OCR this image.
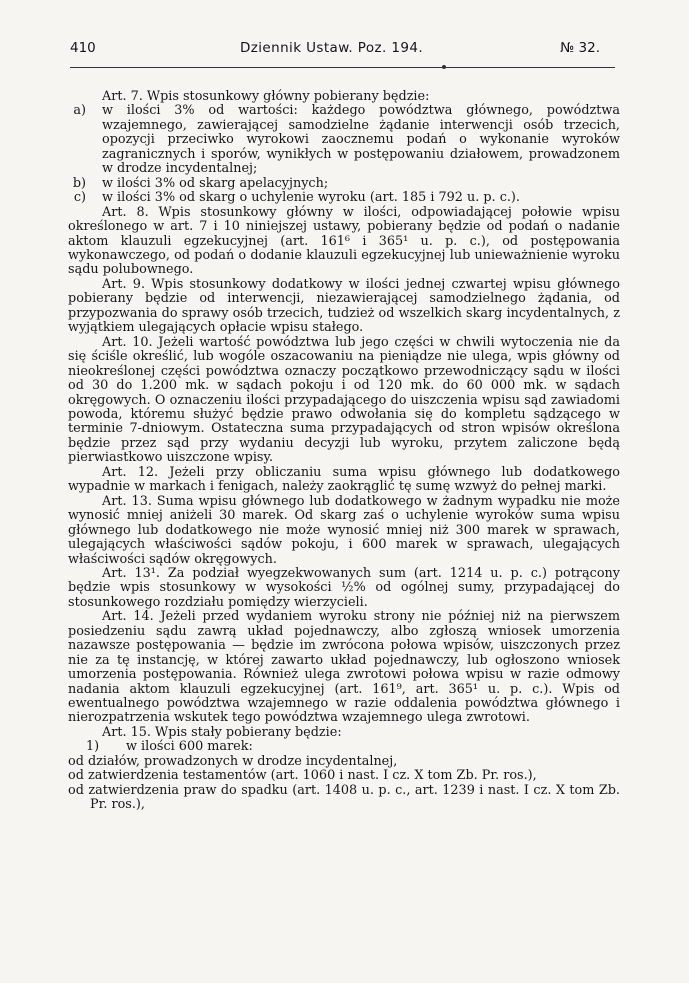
410	Dziennik Ustaw. Poz. 194.	№ 32.

Art. 7. Wpis stosunkowy główny pobierany będzie:

a)	w ilości 3% od wartości: każdego powództwa głównego, powództwa wzajemnego, zawierającej samodzielne żądanie interwencji osób trzecich, opozycji przeciwko wyrokowi zaocznemu podań o wykonanie wyroków zagranicznych i sporów, wynikłych w postępowaniu działowem, prowadzonem w drodze incydentalnej;
b)	w ilości 3% od skarg apelacyjnych;
c)	w ilości 3% od skarg o uchylenie wyroku (art. 185 i 792 u. p. c.).

Art. 8. Wpis stosunkowy główny w ilości, odpowiadającej połowie wpisu określonego w art. 7 i 10 niniejszej ustawy, pobierany będzie od podań o nadanie aktom klauzuli egzekucyjnej (art. 161⁶ i 365¹ u. p. c.), od postępowania wykonawczego, od podań o dodanie klauzuli egzekucyjnej lub unieważnienie wyroku sądu polubownego.

Art. 9. Wpis stosunkowy dodatkowy w ilości jednej czwartej wpisu głównego pobierany będzie od interwencji, niezawierającej samodzielnego żądania, od przypozwania do sprawy osób trzecich, tudzież od wszelkich skarg incydentalnych, z wyjątkiem ulegających opłacie wpisu stałego.

Art. 10. Jeżeli wartość powództwa lub jego części w chwili wytoczenia nie da się ściśle określić, lub wogóle oszacowaniu na pieniądze nie ulega, wpis główny od nieokreślonej części powództwa oznaczy początkowo przewodniczący sądu w ilości od 30 do 1.200 mk. w sądach pokoju i od 120 mk. do 60 000 mk. w sądach okręgowych. O oznaczeniu ilości przypadającego do uiszczenia wpisu sąd zawiadomi powoda, któremu służyć będzie prawo odwołania się do kompletu sądzącego w terminie 7-dniowym. Ostateczna suma przypadających od stron wpisów określona będzie przez sąd przy wydaniu decyzji lub wyroku, przytem zaliczone będą pierwiastkowo uiszczone wpisy.

Art. 12. Jeżeli przy obliczaniu suma wpisu głównego lub dodatkowego wypadnie w markach i fenigach, należy zaokrąglić tę sumę wzwyż do pełnej marki.

Art. 13. Suma wpisu głównego lub dodatkowego w żadnym wypadku nie może wynosić mniej aniżeli 30 marek. Od skarg zaś o uchylenie wyroków suma wpisu głównego lub dodatkowego nie może wynosić mniej niż 300 marek w sprawach, ulegających właściwości sądów pokoju, i 600 marek w sprawach, ulegających właściwości sądów okręgowych.

Art. 13¹. Za podział wyegzekwowanych sum (art. 1214 u. p. c.) potrącony będzie wpis stosunkowy w wysokości ½% od ogólnej sumy, przypadającej do stosunkowego rozdziału pomiędzy wierzycieli.

Art. 14. Jeżeli przed wydaniem wyroku strony nie później niż na pierwszem posiedzeniu sądu zawrą układ pojednawczy, albo zgłoszą wniosek umorzenia nazawsze postępowania — będzie im zwrócona połowa wpisów, uiszczonych przez nie za tę instancję, w której zawarto układ pojednawczy, lub ogłoszono wniosek umorzenia postępowania. Również ulega zwrotowi połowa wpisu w razie odmowy nadania aktom klauzuli egzekucyjnej (art. 161⁹, art. 365¹ u. p. c.). Wpis od ewentualnego powództwa wzajemnego w razie oddalenia powództwa głównego i nierozpatrzenia wskutek tego powództwa wzajemnego ulega zwrotowi.

Art. 15. Wpis stały pobierany będzie:

1)	w ilości 600 marek:

od działów, prowadzonych w drodze incydentalnej,

od zatwierdzenia testamentów (art. 1060 i nast. I cz. X tom Zb. Pr. ros.),

od zatwierdzenia praw do spadku (art. 1408 u. p. c., art. 1239 i nast. I cz. X tom Zb. Pr. ros.),
